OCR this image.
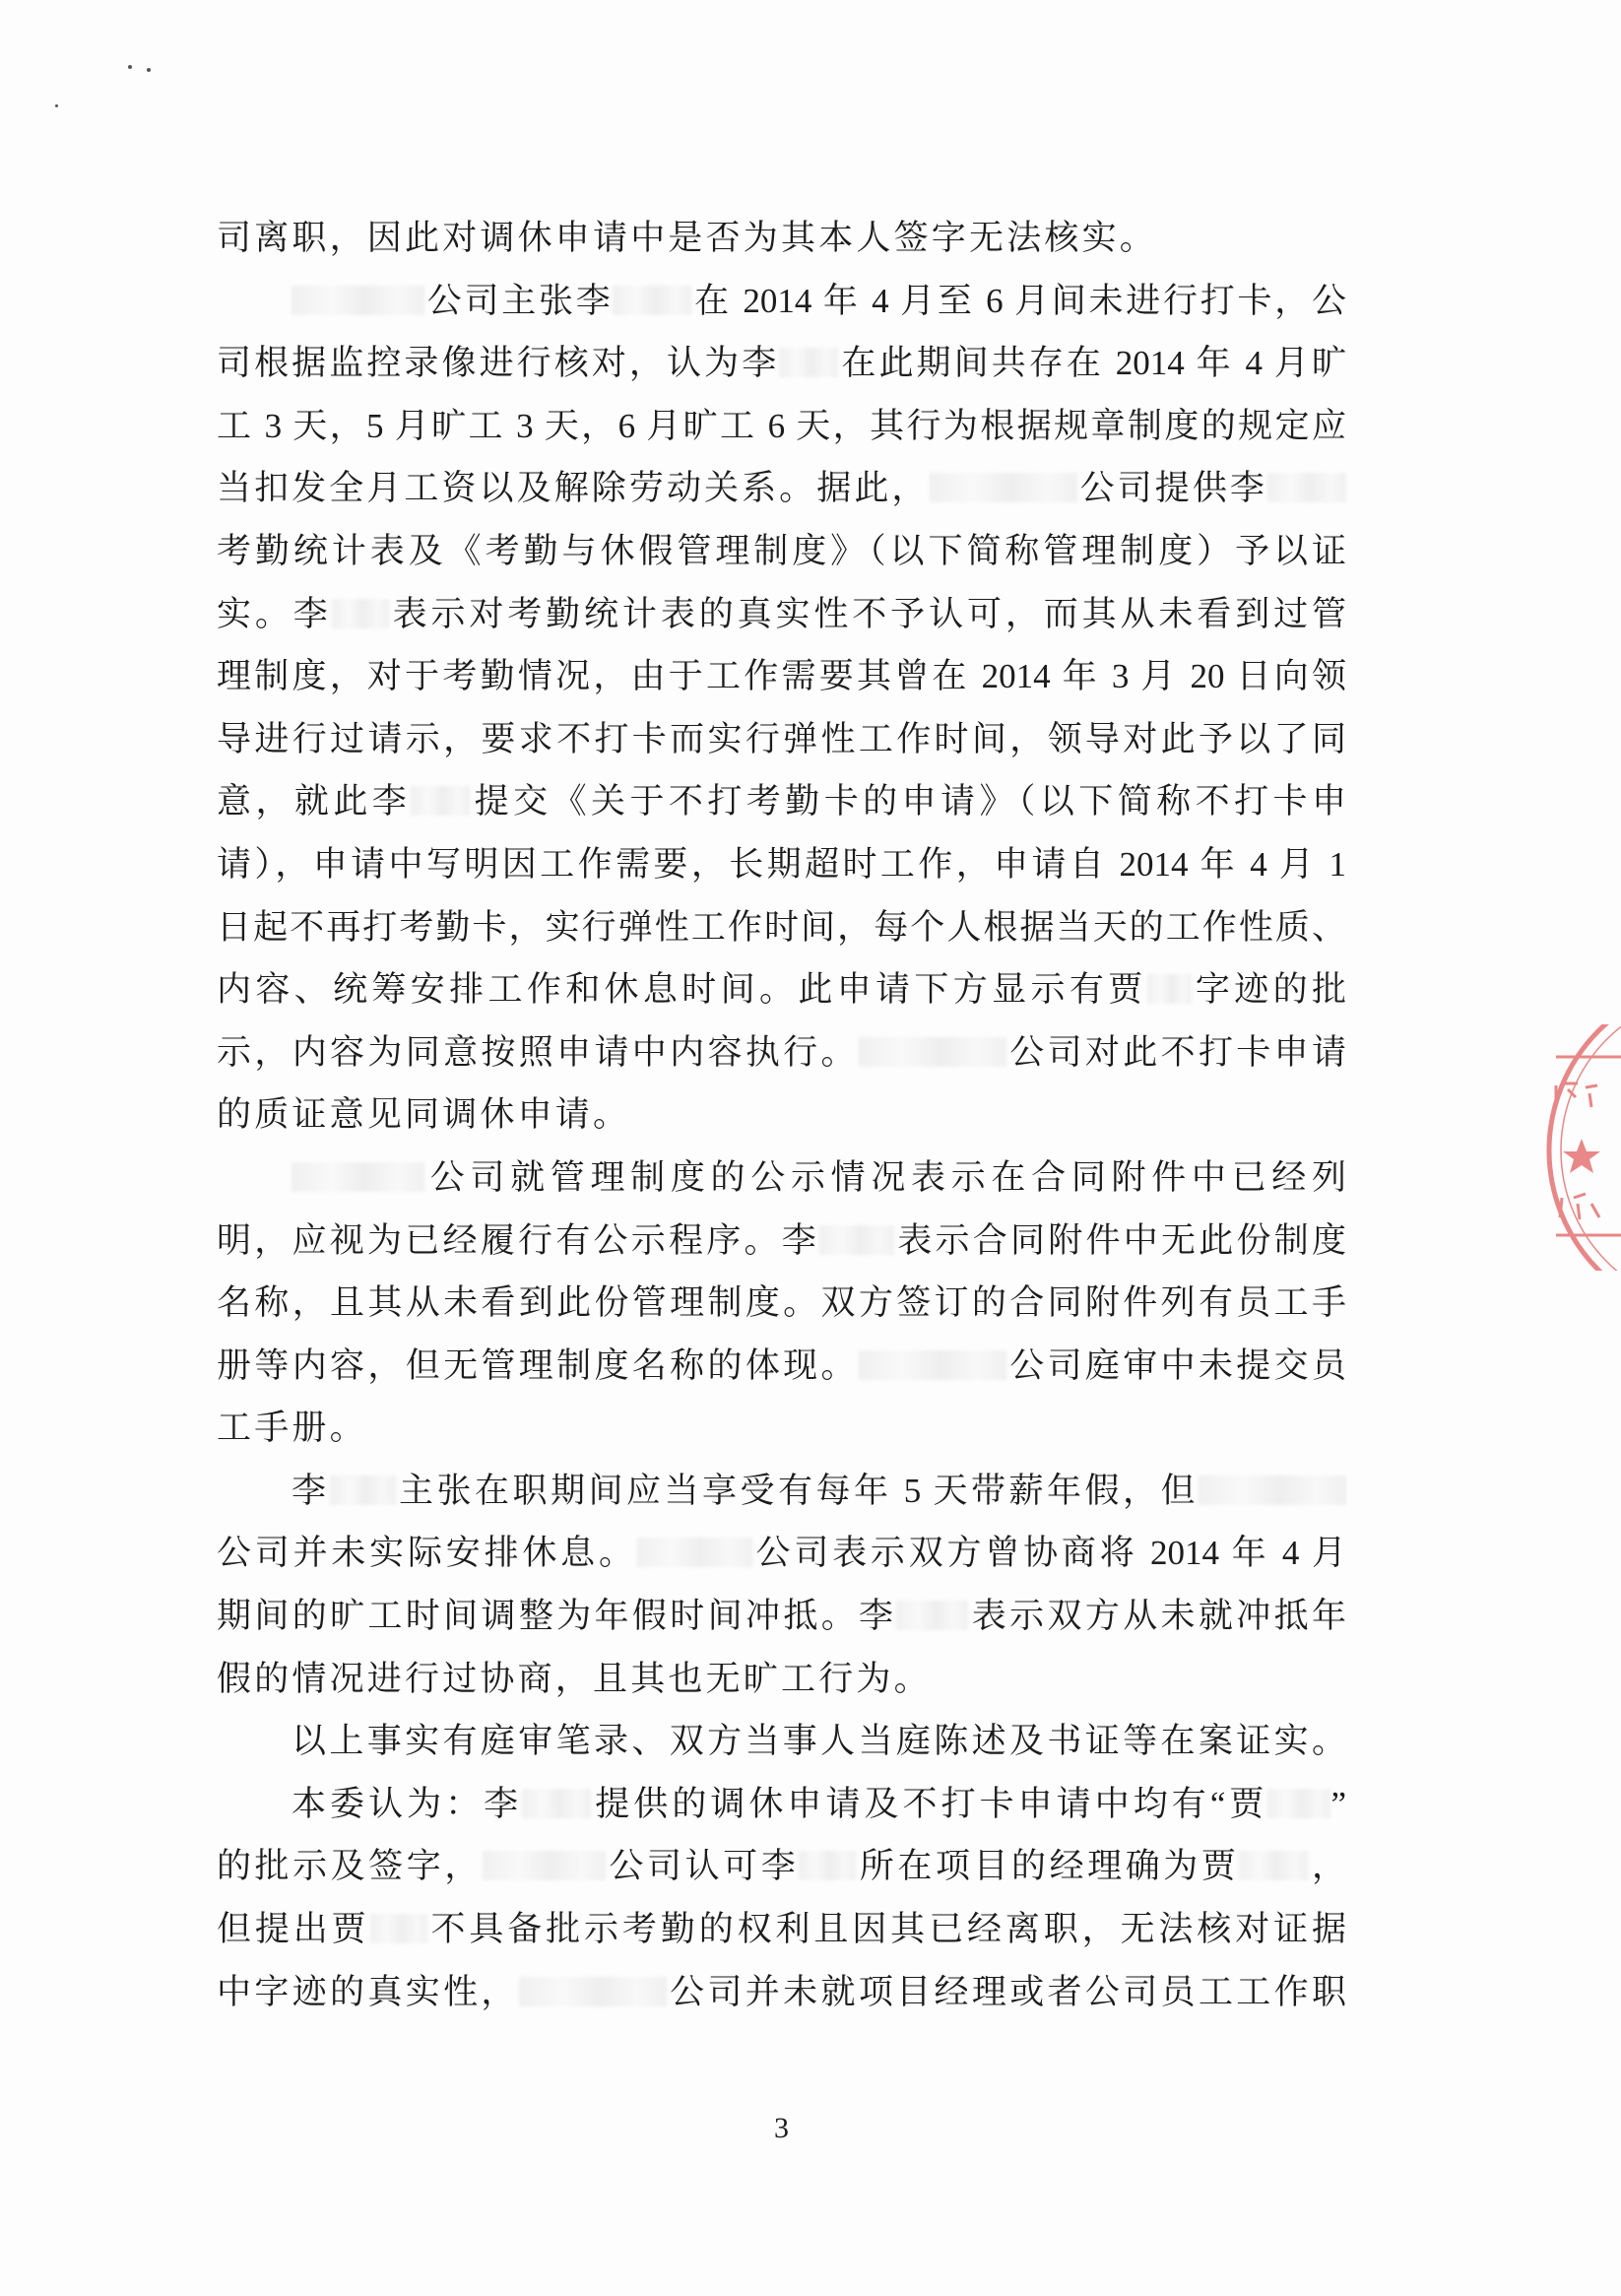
司离职，因此对调休申请中是否为其本人签字无法核实。
公司主张李 在 2014 年 4 月至 6 月间未进行打卡，公
司根据监控录像进行核对，认为李 在此期间共存在 2014 年 4 月旷
工 3 天，5 月旷工 3 天，6 月旷工 6 天，其行为根据规章制度的规定应
当扣发全月工资以及解除劳动关系。据此，	公司提供李
考勤统计表及《考勤与休假管理制度》（以下简称管理制度）予以证
实。李 表示对考勤统计表的真实性不予认可，而其从未看到过管
理制度，对于考勤情况，由于工作需要其曾在 2014 年 3 月 20 日向领
导进行过请示，要求不打卡而实行弹性工作时间，领导对此予以了同
意，就此李 提交《关于不打考勤卡的申请》（以下简称不打卡申
请），申请中写明因工作需要，长期超时工作，申请自 2014 年 4 月 1
日起不再打考勤卡，实行弹性工作时间，每个人根据当天的工作性质、
内容、统筹安排工作和休息时间。此申请下方显示有贾 字迹的批
示，内容为同意按照申请中内容执行。	公司对此不打卡申请
的质证意见同调休申请。
公司就管理制度的公示情况表示在合同附件中已经列
明，应视为已经履行有公示程序。李 表示合同附件中无此份制度
名称，且其从未看到此份管理制度。双方签订的合同附件列有员工手
册等内容，但无管理制度名称的体现。	公司庭审中未提交员
工手册。
李 主张在职期间应当享受有每年 5 天带薪年假，但
公司并未实际安排休息。	公司表示双方曾协商将 2014 年 4 月
期间的旷工时间调整为年假时间冲抵。李 表示双方从未就冲抵年
假的情况进行过协商，且其也无旷工行为。
以上事实有庭审笔录、双方当事人当庭陈述及书证等在案证实。
本委认为：李 提供的调休申请及不打卡申请中均有“贾 ”
的批示及签字，	公司认可李 所在项目的经理确为贾 ，
但提出贾 不具备批示考勤的权利且因其已经离职，无法核对证据
中字迹的真实性，	公司并未就项目经理或者公司员工工作职
3
